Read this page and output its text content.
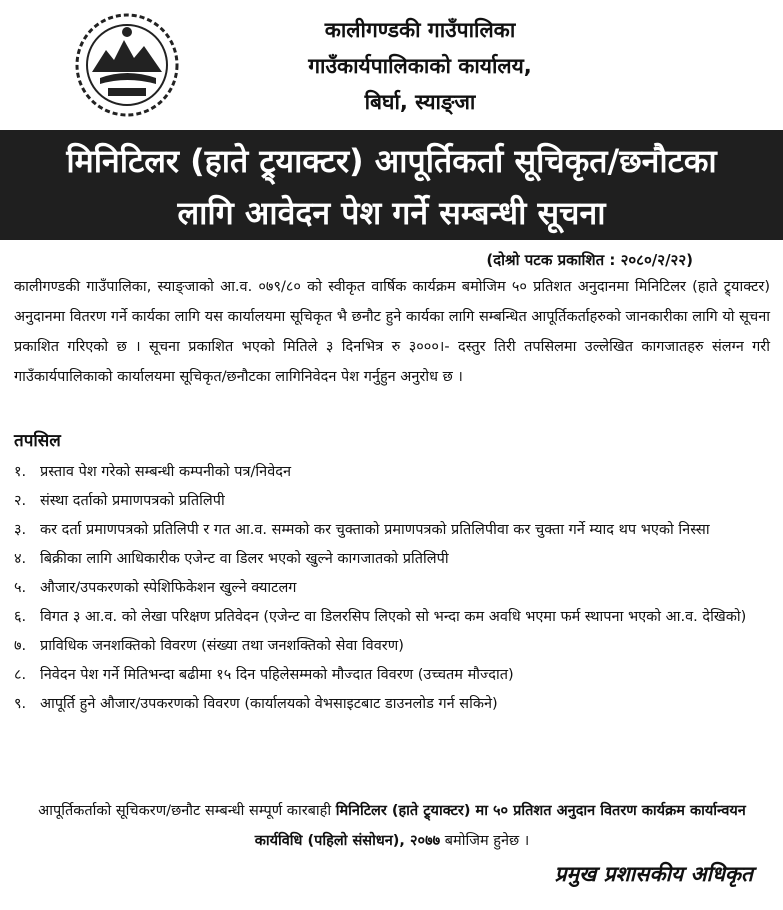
कालीगण्डकी गाउँपालिका
गाउँकार्यपालिकाको कार्यालय,
बिर्घा, स्याङ्जा
मिनिटिलर (हाते ट्र्याक्टर) आपूर्तिकर्ता सूचिकृत/छनौटका
लागि आवेदन पेश गर्ने सम्बन्धी सूचना
(दोश्रो पटक प्रकाशित : २०८०/२/२२)
कालीगण्डकी गाउँपालिका, स्याङ्जाको आ.व. ०७९/८० को स्वीकृत वार्षिक कार्यक्रम बमोजिम ५० प्रतिशत अनुदानमा मिनिटिलर (हाते ट्र्याक्टर) अनुदानमा वितरण गर्ने कार्यका लागि यस कार्यालयमा सूचिकृत भै छनौट हुने कार्यका लागि सम्बन्धित आपूर्तिकर्ताहरुको जानकारीका लागि यो सूचना प्रकाशित गरिएको छ । सूचना प्रकाशित भएको मितिले ३ दिनभित्र रु ३०००।- दस्तुर तिरी तपसिलमा उल्लेखित कागजातहरु संलग्न गरी गाउँकार्यपालिकाको कार्यालयमा सूचिकृत/छनौटका लागिनिवेदन पेश गर्नुहुन अनुरोध छ ।
तपसिल
१. प्रस्ताव पेश गरेको सम्बन्धी कम्पनीको पत्र/निवेदन
२. संस्था दर्ताको प्रमाणपत्रको प्रतिलिपी
३. कर दर्ता प्रमाणपत्रको प्रतिलिपी र गत आ.व. सम्मको कर चुक्ताको प्रमाणपत्रको प्रतिलिपीवा कर चुक्ता गर्ने म्याद थप भएको निस्सा
४. बिक्रीका लागि आधिकारीक एजेन्ट वा डिलर भएको खुल्ने कागजातको प्रतिलिपी
५. औजार/उपकरणको स्पेशिफिकेशन खुल्ने क्याटलग
६. विगत ३ आ.व. को लेखा परिक्षण प्रतिवेदन (एजेन्ट वा डिलरसिप लिएको सो भन्दा कम अवधि भएमा फर्म स्थापना भएको आ.व. देखिको)
७. प्राविधिक जनशक्तिको विवरण (संख्या तथा जनशक्तिको सेवा विवरण)
८. निवेदन पेश गर्ने मितिभन्दा बढीमा १५ दिन पहिलेसम्मको मौज्दात विवरण (उच्चतम मौज्दात)
९. आपूर्ति हुने औजार/उपकरणको विवरण (कार्यालयको वेभसाइटबाट डाउनलोड गर्न सकिने)
आपूर्तिकर्ताको सूचिकरण/छनौट सम्बन्धी सम्पूर्ण कारबाही मिनिटिलर (हाते ट्र्याक्टर) मा ५० प्रतिशत अनुदान वितरण कार्यक्रम कार्यान्वयन कार्यविधि (पहिलो संसोधन), २०७७ बमोजिम हुनेछ ।
प्रमुख प्रशासकीय अधिकृत
